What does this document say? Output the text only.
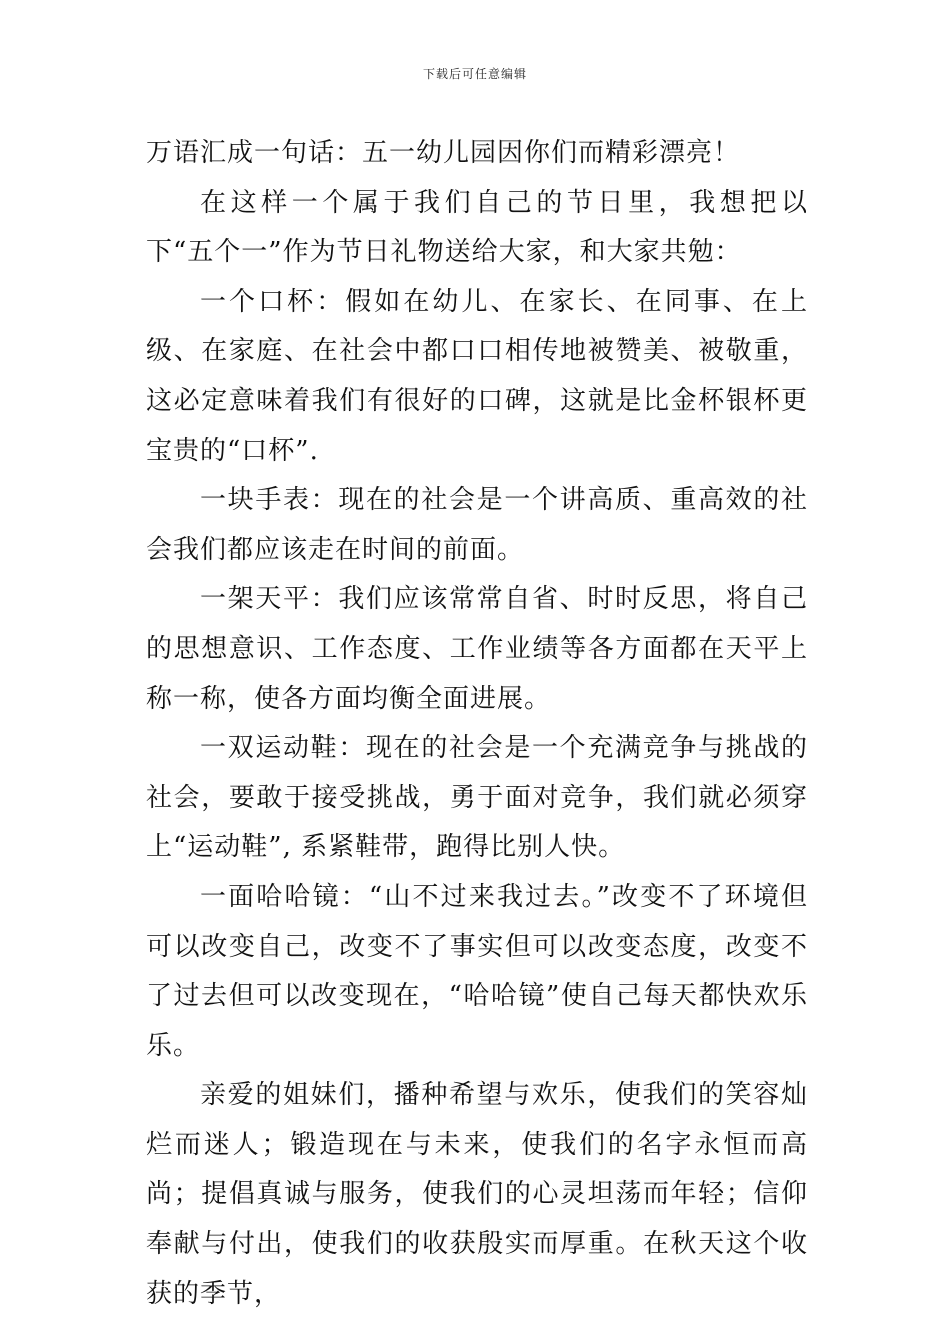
下载后可任意编辑

万语汇成一句话：五一幼儿园因你们而精彩漂亮！

在这样一个属于我们自己的节日里，我想把以下“五个一”作为节日礼物送给大家，和大家共勉：

一个口杯：假如在幼儿、在家长、在同事、在上级、在家庭、在社会中都口口相传地被赞美、被敬重，这必定意味着我们有很好的口碑，这就是比金杯银杯更宝贵的“口杯”.

一块手表：现在的社会是一个讲高质、重高效的社会我们都应该走在时间的前面。

一架天平：我们应该常常自省、时时反思，将自己的思想意识、工作态度、工作业绩等各方面都在天平上称一称，使各方面均衡全面进展。

一双运动鞋：现在的社会是一个充满竞争与挑战的社会，要敢于接受挑战，勇于面对竞争，我们就必须穿上“运动鞋”, 系紧鞋带，跑得比别人快。

一面哈哈镜：“山不过来我过去。”改变不了环境但可以改变自己，改变不了事实但可以改变态度，改变不了过去但可以改变现在，“哈哈镜”使自己每天都快欢乐乐。

亲爱的姐妹们，播种希望与欢乐，使我们的笑容灿烂而迷人；锻造现在与未来，使我们的名字永恒而高尚；提倡真诚与服务，使我们的心灵坦荡而年轻；信仰奉献与付出，使我们的收获殷实而厚重。在秋天这个收获的季节，
